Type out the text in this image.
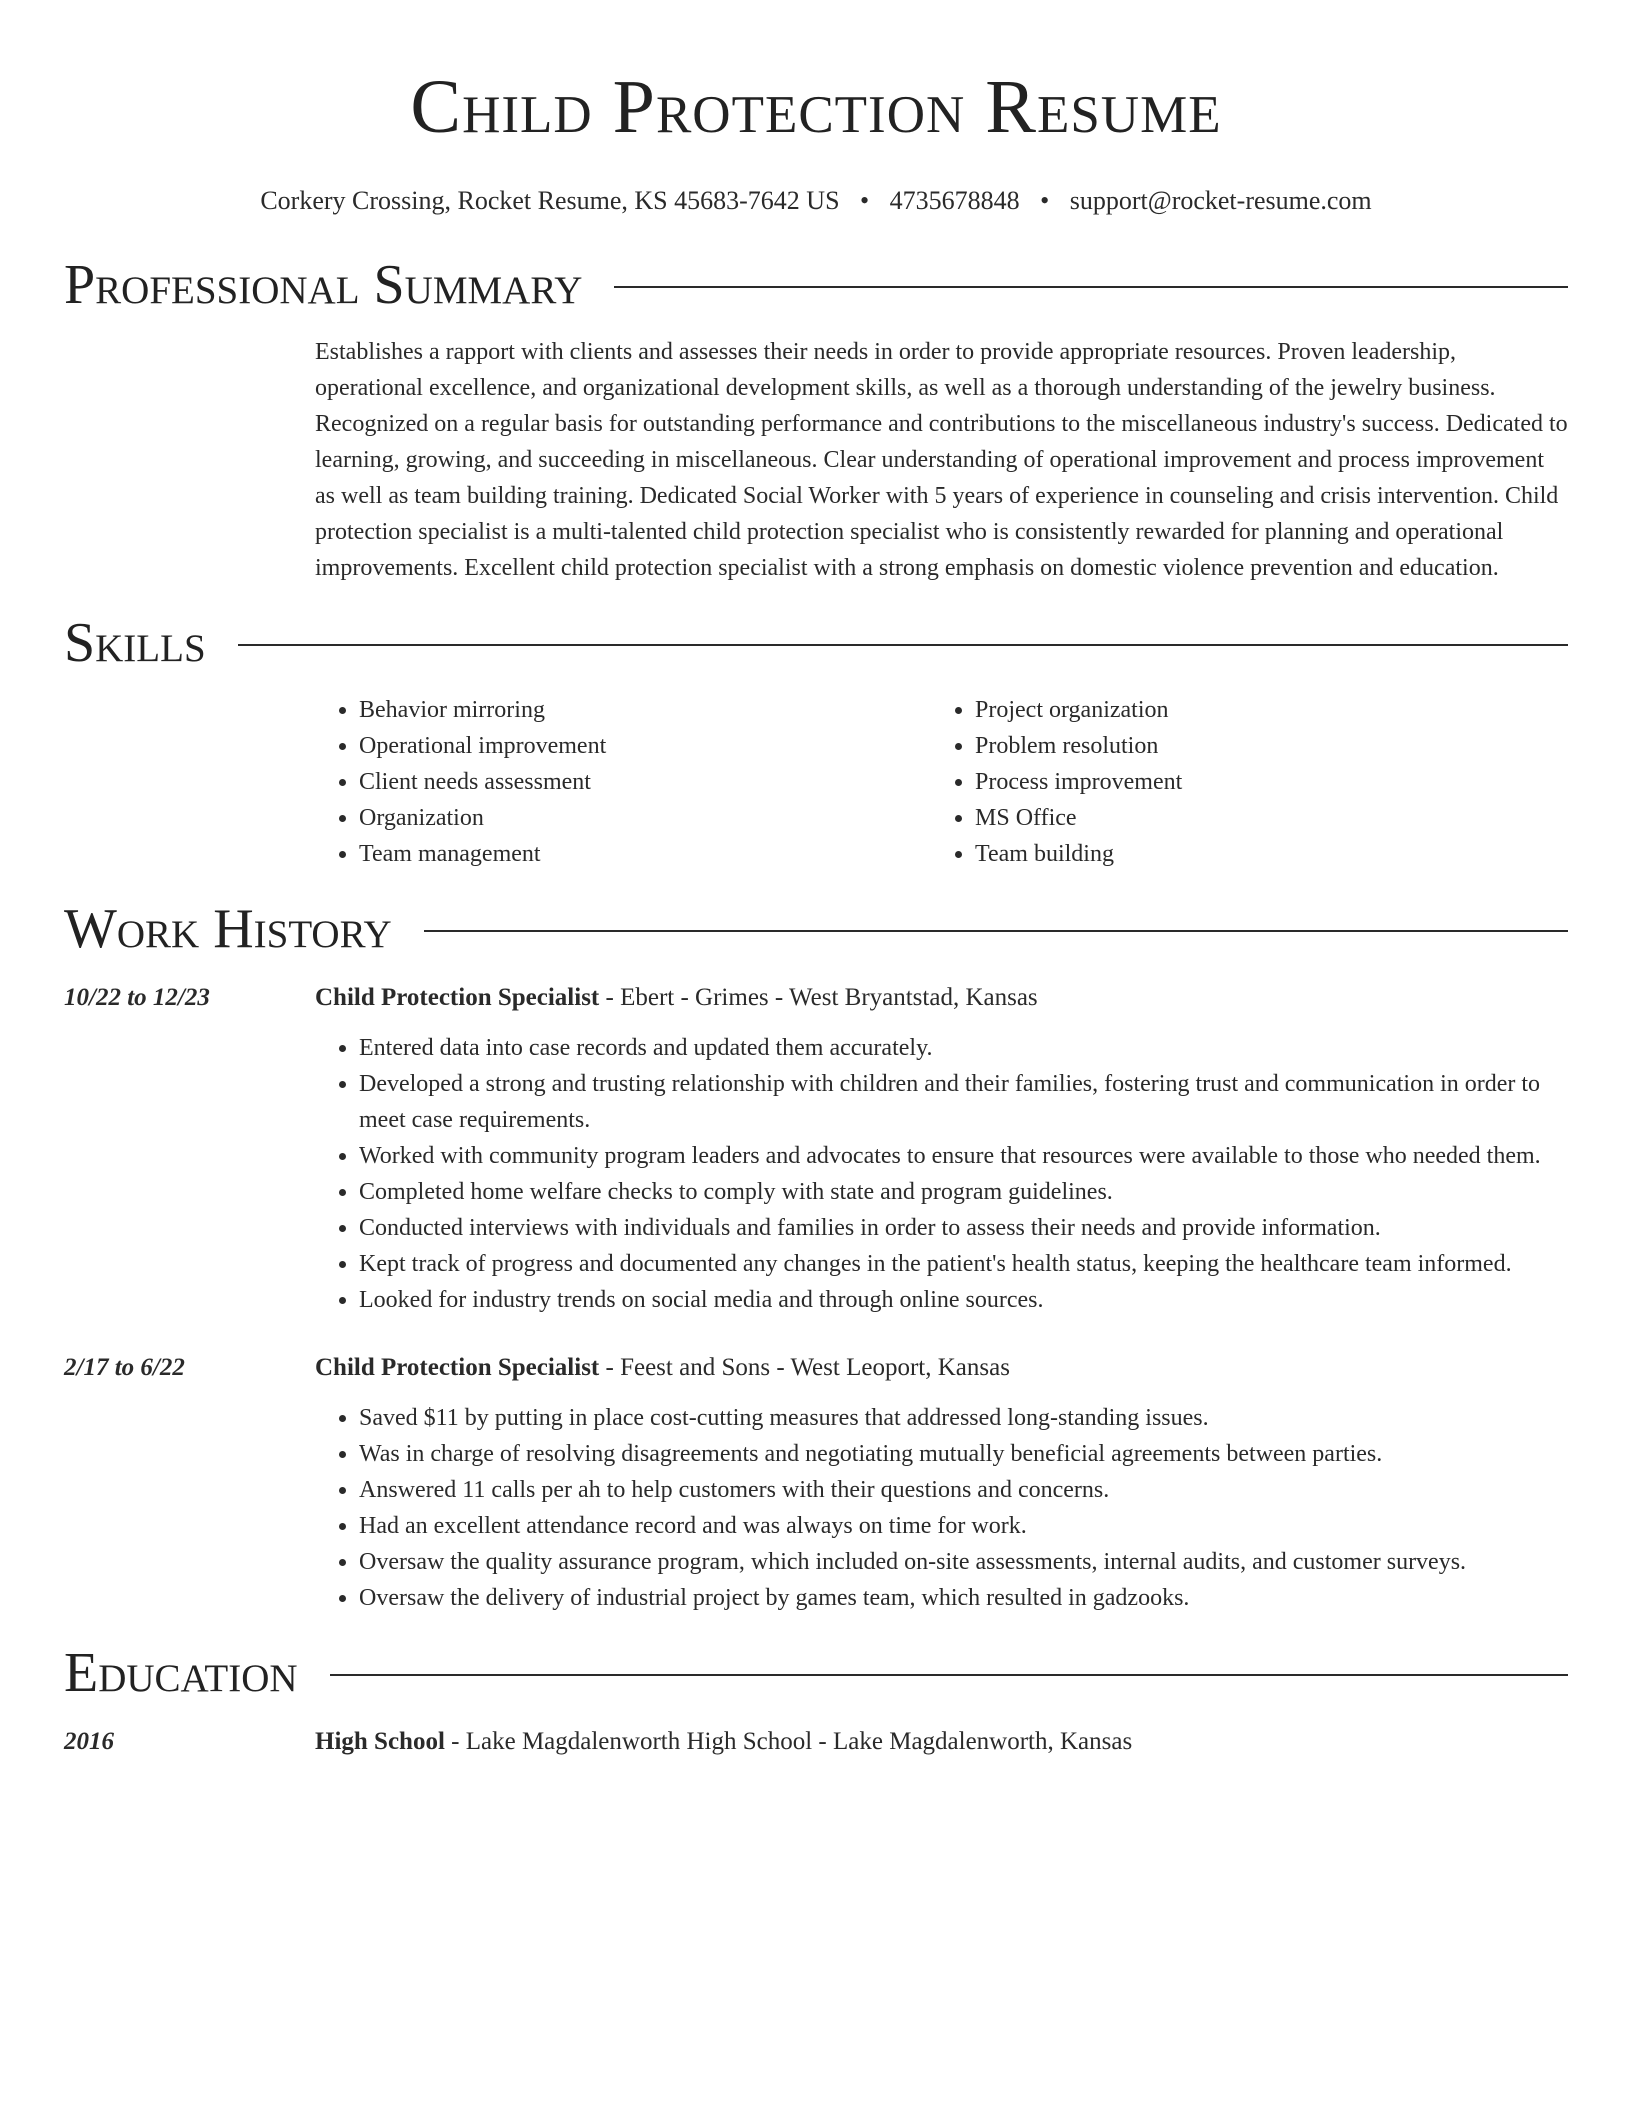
Child Protection Resume
Corkery Crossing, Rocket Resume, KS 45683-7642 US • 4735678848 • support@rocket-resume.com
Professional Summary
Establishes a rapport with clients and assesses their needs in order to provide appropriate resources. Proven leadership, operational excellence, and organizational development skills, as well as a thorough understanding of the jewelry business. Recognized on a regular basis for outstanding performance and contributions to the miscellaneous industry's success. Dedicated to learning, growing, and succeeding in miscellaneous. Clear understanding of operational improvement and process improvement as well as team building training. Dedicated Social Worker with 5 years of experience in counseling and crisis intervention. Child protection specialist is a multi-talented child protection specialist who is consistently rewarded for planning and operational improvements. Excellent child protection specialist with a strong emphasis on domestic violence prevention and education.
Skills
• Behavior mirroring
• Operational improvement
• Client needs assessment
• Organization
• Team management
• Project organization
• Problem resolution
• Process improvement
• MS Office
• Team building
Work History
10/22 to 12/23	Child Protection Specialist - Ebert - Grimes - West Bryantstad, Kansas
• Entered data into case records and updated them accurately.
• Developed a strong and trusting relationship with children and their families, fostering trust and communication in order to meet case requirements.
• Worked with community program leaders and advocates to ensure that resources were available to those who needed them.
• Completed home welfare checks to comply with state and program guidelines.
• Conducted interviews with individuals and families in order to assess their needs and provide information.
• Kept track of progress and documented any changes in the patient's health status, keeping the healthcare team informed.
• Looked for industry trends on social media and through online sources.
2/17 to 6/22	Child Protection Specialist - Feest and Sons - West Leoport, Kansas
• Saved $11 by putting in place cost-cutting measures that addressed long-standing issues.
• Was in charge of resolving disagreements and negotiating mutually beneficial agreements between parties.
• Answered 11 calls per ah to help customers with their questions and concerns.
• Had an excellent attendance record and was always on time for work.
• Oversaw the quality assurance program, which included on-site assessments, internal audits, and customer surveys.
• Oversaw the delivery of industrial project by games team, which resulted in gadzooks.
Education
2016	High School - Lake Magdalenworth High School - Lake Magdalenworth, Kansas
